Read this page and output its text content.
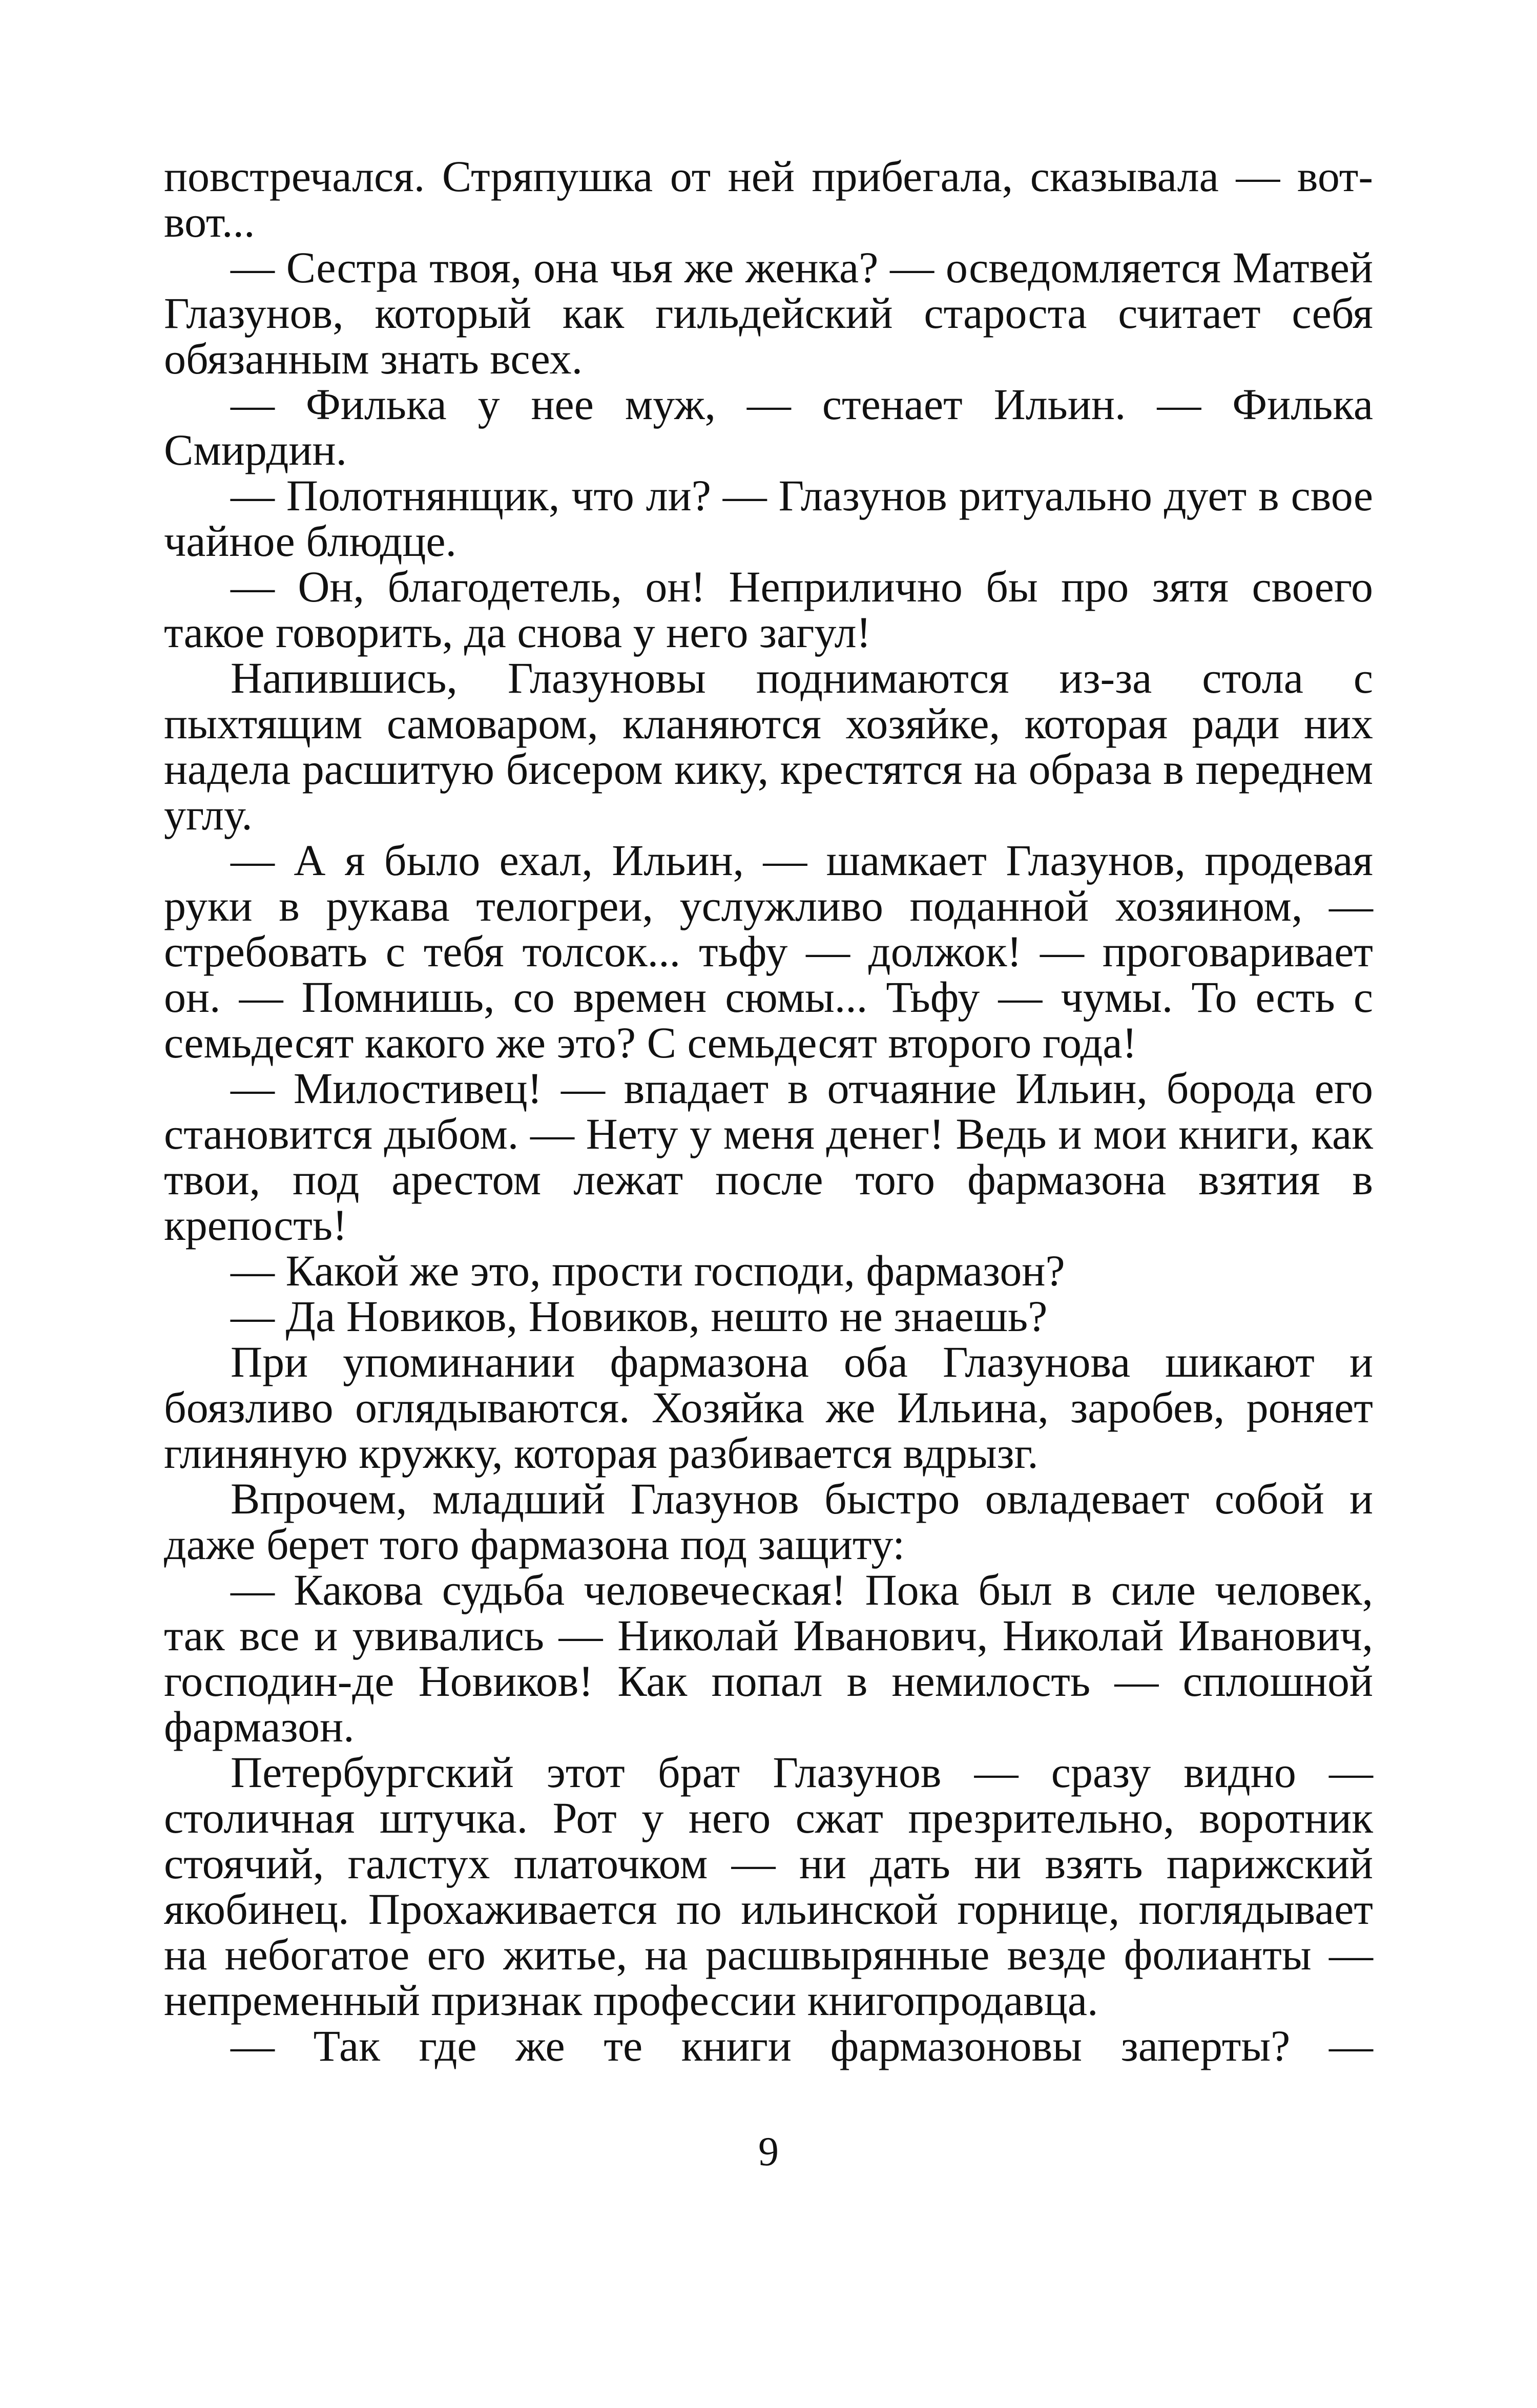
повстречался. Стряпушка от ней прибегала, сказывала — вот-вот...

— Сестра твоя, она чья же женка? — осведомляется Матвей Глазунов, который как гильдейский староста считает себя обязанным знать всех.

— Филька у нее муж, — стенает Ильин. — Филька Смирдин.

— Полотнянщик, что ли? — Глазунов ритуально дует в свое чайное блюдце.

— Он, благодетель, он! Неприлично бы про зятя своего такое говорить, да снова у него загул!

Напившись, Глазуновы поднимаются из-за стола с пыхтящим самоваром, кланяются хозяйке, которая ради них надела расшитую бисером кику, крестятся на образа в переднем углу.

— А я было ехал, Ильин, — шамкает Глазунов, продевая руки в рукава телогреи, услужливо поданной хозяином, — стребовать с тебя толсок... тьфу — должок! — проговаривает он. — Помнишь, со времен сюмы... Тьфу — чумы. То есть с семьдесят какого же это? С семьдесят второго года!

— Милостивец! — впадает в отчаяние Ильин, борода его становится дыбом. — Нету у меня денег! Ведь и мои книги, как твои, под арестом лежат после того фармазона взятия в крепость!

— Какой же это, прости господи, фармазон?

— Да Новиков, Новиков, нешто не знаешь?

При упоминании фармазона оба Глазунова шикают и боязливо оглядываются. Хозяйка же Ильина, заробев, роняет глиняную кружку, которая разбивается вдрызг.

Впрочем, младший Глазунов быстро овладевает собой и даже берет того фармазона под защиту:

— Какова судьба человеческая! Пока был в силе человек, так все и увивались — Николай Иванович, Николай Иванович, господин-де Новиков! Как попал в немилость — сплошной фармазон.

Петербургский этот брат Глазунов — сразу видно — столичная штучка. Рот у него сжат презрительно, воротник стоячий, галстух платочком — ни дать ни взять парижский якобинец. Прохаживается по ильинской горнице, поглядывает на небогатое его житье, на расшвырянные везде фолианты — непременный признак профессии книгопродавца.

— Так где же те книги фармазоновы заперты? —

9
